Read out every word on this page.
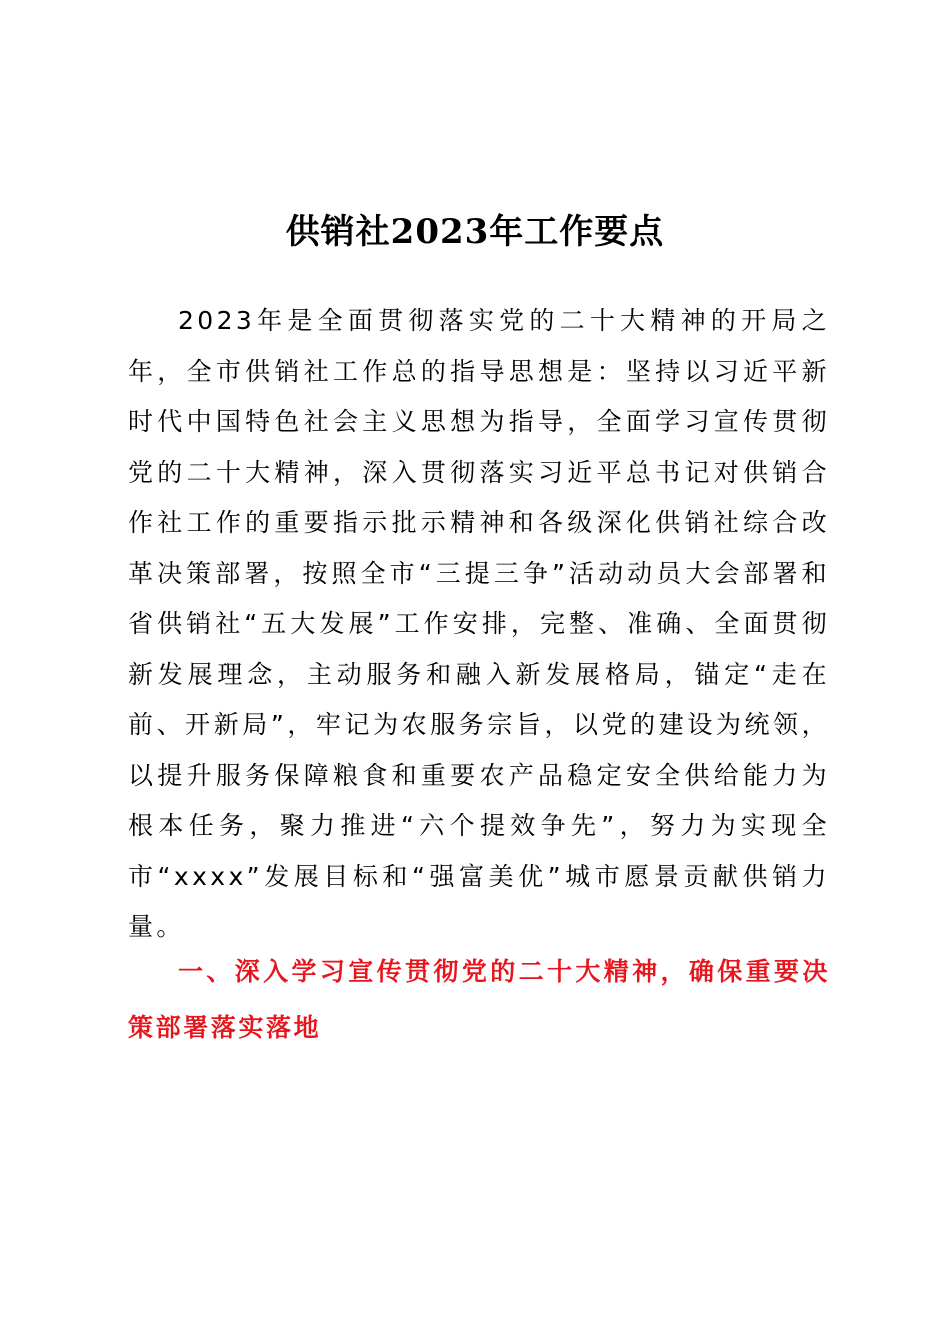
供销社2023年工作要点

2023年是全面贯彻落实党的二十大精神的开局之年，全市供销社工作总的指导思想是：坚持以习近平新时代中国特色社会主义思想为指导，全面学习宣传贯彻党的二十大精神，深入贯彻落实习近平总书记对供销合作社工作的重要指示批示精神和各级深化供销社综合改革决策部署，按照全市“三提三争”活动动员大会部署和省供销社“五大发展”工作安排，完整、准确、全面贯彻新发展理念，主动服务和融入新发展格局，锚定“走在前、开新局”，牢记为农服务宗旨，以党的建设为统领，以提升服务保障粮食和重要农产品稳定安全供给能力为根本任务，聚力推进“六个提效争先”，努力为实现全市“xxxx”发展目标和“强富美优”城市愿景贡献供销力量。

一、深入学习宣传贯彻党的二十大精神，确保重要决策部署落实落地
